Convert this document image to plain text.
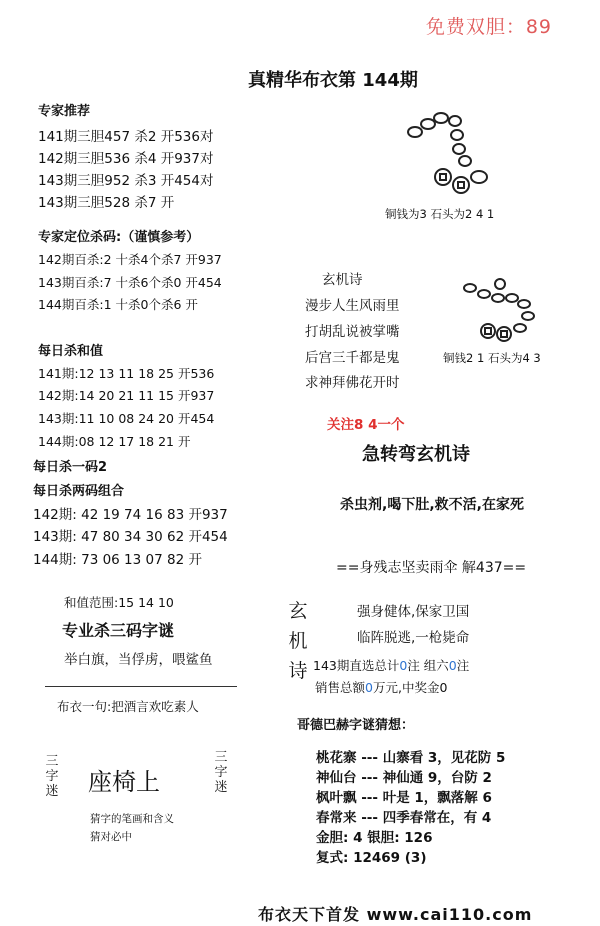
免费双胆：89
真精华布衣第 144期
专家推荐
141期三胆457 杀2 开536对
142期三胆536 杀4 开937对
143期三胆952 杀3 开454对
143期三胆528 杀7 开
专家定位杀码:（谨慎参考）
142期百杀:2 十杀4个杀7 开937
143期百杀:7 十杀6个杀0 开454
144期百杀:1 十杀0个杀6 开
每日杀和值
141期:12 13 11 18 25 开536
142期:14 20 21 11 15 开937
143期:11 10 08 24 20 开454
144期:08 12 17 18 21 开
每日杀一码2
每日杀两码组合
142期: 42 19 74 16 83 开937
143期: 47 80 34 30 62 开454
144期: 73 06 13 07 82 开
和值范围:15 14 10
专业杀三码字谜
举白旗，当俘虏，喂鲨鱼
布衣一句:把酒言欢吃素人
三
字
迷 座椅上
三
字
迷
猜字的笔画和含义
猜对必中
铜钱为3 石头为2 4 1
玄机诗
漫步人生风雨里
打胡乱说被掌嘴
后宫三千都是鬼
求神拜佛花开时
铜钱2 1 石头为4 3
关注8 4一个
急转弯玄机诗
杀虫剂,喝下肚,救不活,在家死
==身残志坚卖雨伞 解437==
玄
机
诗
强身健体,保家卫国
临阵脱逃,一枪毙命
143期直选总计0注 组六0注
销售总额0万元,中奖金0
哥德巴赫字谜猜想：
桃花寨 --- 山寨看 3，见花防 5
神仙台 --- 神仙通 9，台防 2
枫叶飘 --- 叶是 1，飘落解 6
春常来 --- 四季春常在，有 4
金胆: 4 银胆: 126
复式: 12469 (3)
布衣天下首发 www.cai110.com
